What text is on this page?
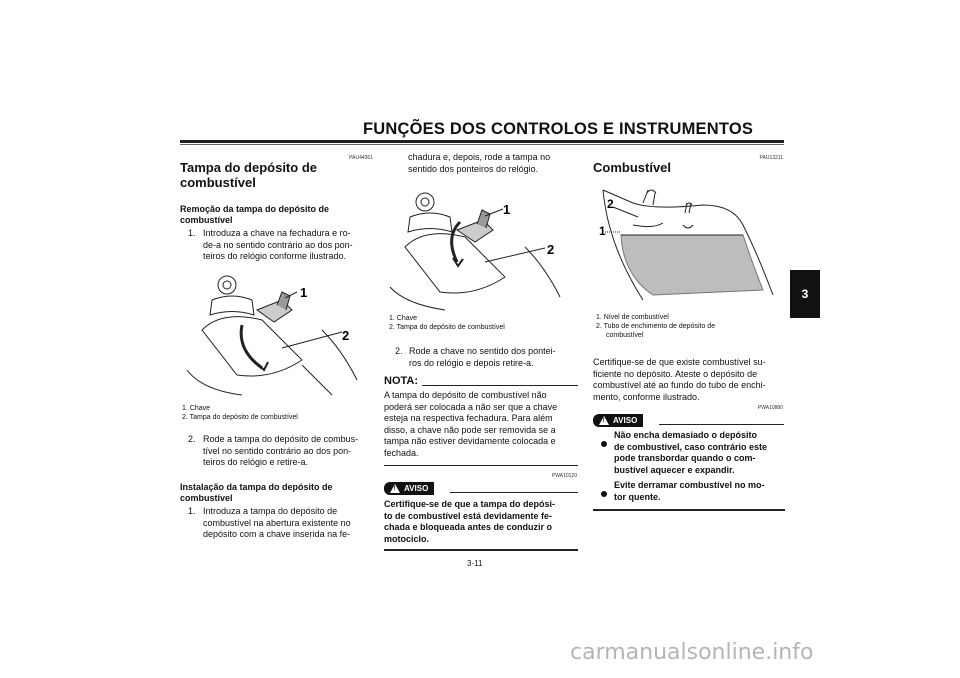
FUNÇÕES DOS CONTROLOS E INSTRUMENTOS
3
PAU44361
Tampa do depósito de
combustível
Remoção da tampa do depósito de
combustível
1. Introduza a chave na fechadura e ro-
de-a no sentido contrário ao dos pon-
teiros do relógio conforme ilustrado.
1
2
1. Chave
2. Tampa do depósito de combustível
2. Rode a tampa do depósito de combus-
tível no sentido contrário ao dos pon-
teiros do relógio e retire-a.
Instalação da tampa do depósito de
combustível
1. Introduza a tampa do depósito de
combustível na abertura existente no
depósito com a chave inserida na fe-
chadura e, depois, rode a tampa no
sentido dos ponteiros do relógio.
1
2
1. Chave
2. Tampa do depósito de combustível
2. Rode a chave no sentido dos pontei-
ros do relógio e depois retire-a.
NOTA:
A tampa do depósito de combustível não
poderá ser colocada a não ser que a chave
esteja na respectiva fechadura. Para além
disso, a chave não pode ser removida se a
tampa não estiver devidamente colocada e
fechada.
PWA10120
! AVISO
Certifique-se de que a tampa do depósi-
to de combustível está devidamente fe-
chada e bloqueada antes de conduzir o
motociclo.
PAU13211
Combustível
1
2
1. Nível de combustível
2. Tubo de enchimento de depósito de
combustível
Certifique-se de que existe combustível su-
ficiente no depósito. Ateste o depósito de
combustível até ao fundo do tubo de enchi-
mento, conforme ilustrado.
PWA10880
! AVISO
Não encha demasiado o depósito
de combustível, caso contrário este
pode transbordar quando o com-
bustível aquecer e expandir.
Evite derramar combustível no mo-
tor quente.
3-11
carmanualsonline.info
